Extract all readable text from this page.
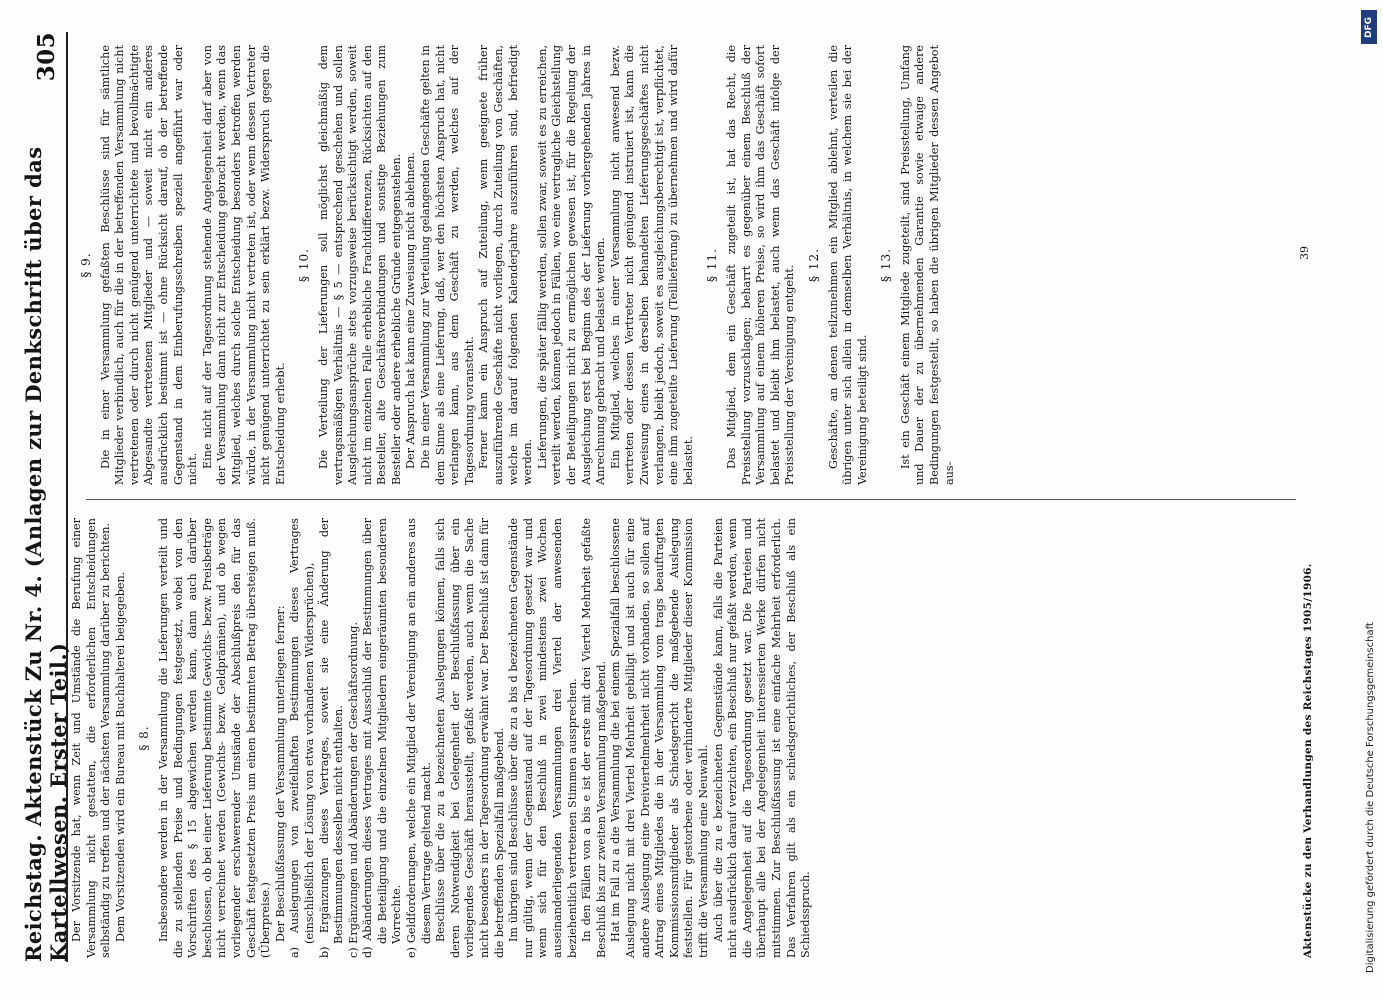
Reichstag. Aktenstück Zu Nr. 4. (Anlagen zur Denkschrift über das Kartellwesen. Erster Teil.)
305

Der Vorsitzende hat, wenn Zeit und Umstände die Berufung einer Versammlung nicht gestatten, die erforderlichen Entscheidungen selbständig zu treffen und der nächsten Versammlung darüber zu berichten. Dem Vorsitzenden wird ein Bureau mit Buchhalterei beigegeben. § 8. Insbesondere werden in der Versammlung die Lieferungen verteilt und die zu stellenden Preise und Bedingungen festgesetzt, wobei von den Vorschriften des § 15 abgewichen werden kann, dann auch darüber beschlossen, ob bei einer Lieferung bestimmte Gewichts- bezw. Preisbeträge nicht verrechnet werden (Gewichts- bezw. Geldprämien), und ob wegen vorliegender erschwerender Umstände der Abschlußpreis den für das Geschäft festgesetzten Preis um einen bestimmten Betrag übersteigen muß. (Überpreise.) Der Beschlußfassung der Versammlung unterliegen ferner: a) Auslegungen von zweifelhaften Bestimmungen dieses Vertrages (einschließlich der Lösung von etwa vorhandenen Widersprüchen), b) Ergänzungen dieses Vertrages, soweit sie eine Änderung der Bestimmungen desselben nicht enthalten. c) Ergänzungen und Abänderungen der Geschäftsordnung. d) Abänderungen dieses Vertrages mit Ausschluß der Bestimmungen über die Beteiligung und die einzelnen Mitgliedern eingeräumten besonderen Vorrechte. e) Geldforderungen, welche ein Mitglied der Vereinigung an ein anderes aus diesem Vertrage geltend macht. Beschlüsse über die zu a bezeichneten Auslegungen können, falls sich deren Notwendigkeit bei Gelegenheit der Beschlußfassung über ein vorliegendes Geschäft herausstellt, gefaßt werden, auch wenn die Sache nicht besonders in der Tagesordnung erwähnt war. Der Beschluß ist dann für die betreffenden Spezialfall maßgebend. Im übrigen sind Beschlüsse über die zu a bis d bezeichneten Gegenstände nur gültig, wenn der Gegenstand auf der Tagesordnung gesetzt war und wenn sich für den Beschluß in zwei mindestens zwei Wochen auseinanderliegenden Versammlungen drei Viertel der anwesenden beziehentlich vertretenen Stimmen aussprechen. In den Fällen von a bis e ist der erste mit drei Viertel Mehrheit gefaßte Beschluß bis zur zweiten Versammlung maßgebend. Hat im Fall zu a die Versammlung die bei einem Spezialfall beschlossene Auslegung nicht mit drei Viertel Mehrheit gebilligt und ist auch für eine andere Auslegung eine Dreiviertelmehrheit nicht vorhanden, so sollen auf Antrag eines Mitgliedes die in der Versammlung vom trags beauftragten Kommissionsmitglieder als Schiedsgericht die maßgebende Auslegung feststellen. Für gestorbene oder verhinderte Mitglieder dieser Kommission trifft die Versammlung eine Neuwahl. Auch über die zu e bezeichneten Gegenstände kann, falls die Parteien nicht ausdrücklich darauf verzichten, ein Beschluß nur gefaßt werden, wenn die Angelegenheit auf die Tagesordnung gesetzt war. Die Parteien und überhaupt alle bei der Angelegenheit interessierten Werke dürfen nicht mitstimmen. Zur Beschlußfassung ist eine einfache Mehrheit erforderlich. Das Verfahren gilt als ein schiedsgerichtliches, der Beschluß als ein Schiedsspruch.

§ 9. Die in einer Versammlung gefaßten Beschlüsse sind für sämtliche Mitglieder verbindlich, auch für die in der betreffenden Versammlung nicht vertretenen oder durch nicht genügend unterrichtete und bevollmächtigte Abgesandte vertretenen Mitglieder und — soweit nicht ein anderes ausdrücklich bestimmt ist — ohne Rücksicht darauf, ob der betreffende Gegenstand in dem Einberufungsschreiben speziell angeführt war oder nicht. Eine nicht auf der Tagesordnung stehende Angelegenheit darf aber von der Versammlung dann nicht zur Entscheidung gebracht werden, wenn das Mitglied, welches durch solche Entscheidung besonders betroffen werden würde, in der Versammlung nicht vertreten ist, oder wenn dessen Vertreter nicht genügend unterrichtet zu sein erklärt bezw. Widerspruch gegen die Entscheidung erhebt.

§ 10. Die Verteilung der Lieferungen soll möglichst gleichmäßig dem vertragsmäßigen Verhältnis — § 5 — entsprechend geschehen und sollen Ausgleichungsansprüche stets vorzugsweise berücksichtigt werden, soweit nicht im einzelnen Falle erhebliche Frachtdifferenzen, Rücksichten auf den Besteller, alte Geschäftsverbindungen und sonstige Beziehungen zum Besteller oder andere erhebliche Gründe entgegenstehen. Der Anspruch hat kann eine Zuweisung nicht ablehnen. Die in einer Versammlung zur Verteilung gelangenden Geschäfte gelten in dem Sinne als eine Lieferung, daß, wer den höchsten Anspruch hat, nicht verlangen kann, aus dem Geschäft zu werden, welches auf der Tagesordnung voransteht. Ferner kann ein Anspruch auf Zuteilung, wenn geeignete früher auszuführende Geschäfte nicht vorliegen, durch Zuteilung von Geschäften, welche im darauf folgenden Kalenderjahre auszuführen sind, befriedigt werden. Lieferungen, die später fällig werden, sollen zwar, soweit es zu erreichen, verteilt werden, können jedoch in Fällen, wo eine vertragliche Gleichstellung der Beteiligungen nicht zu ermöglichen gewesen ist, für die Regelung der Ausgleichung erst bei Beginn des der Lieferung vorhergehenden Jahres in Anrechnung gebracht und belastet werden. Ein Mitglied, welches in einer Versammlung nicht anwesend bezw. vertreten oder dessen Vertreter nicht genügend instruiert ist, kann die Zuweisung eines in derselben behandelten Lieferungsgeschäftes nicht verlangen, bleibt jedoch, soweit es ausgleichungsberechtigt ist, verpflichtet, eine ihm zugeteilte Lieferung (Teillieferung) zu übernehmen und wird dafür belastet.

§ 11. Das Mitglied, dem ein Geschäft zugeteilt ist, hat das Recht, die Preisstellung vorzuschlagen; beharrt es gegenüber einem Beschluß der Versammlung auf einem höheren Preise, so wird ihm das Geschäft sofort belastet und bleibt ihm belastet, auch wenn das Geschäft infolge der Preisstellung der Vereinigung entgeht. § 12. Geschäfte, an denen teilzunehmen ein Mitglied ablehnt, verteilen die übrigen unter sich allein in demselben Verhältnis, in welchem sie bei der Vereinigung beteiligt sind.

§ 13. Ist ein Geschäft einem Mitgliede zugeteilt, sind Preisstellung, Umfang und Dauer der zu übernehmenden Garantie sowie etwaige andere Bedingungen festgestellt, so haben die übrigen Mitglieder dessen Angebot aus-

Aktenstücke zu den Verhandlungen des Reichstages 1905/1906.
39
DFG
Digitalisierung gefördert durch die Deutsche Forschungsgemeinschaft
